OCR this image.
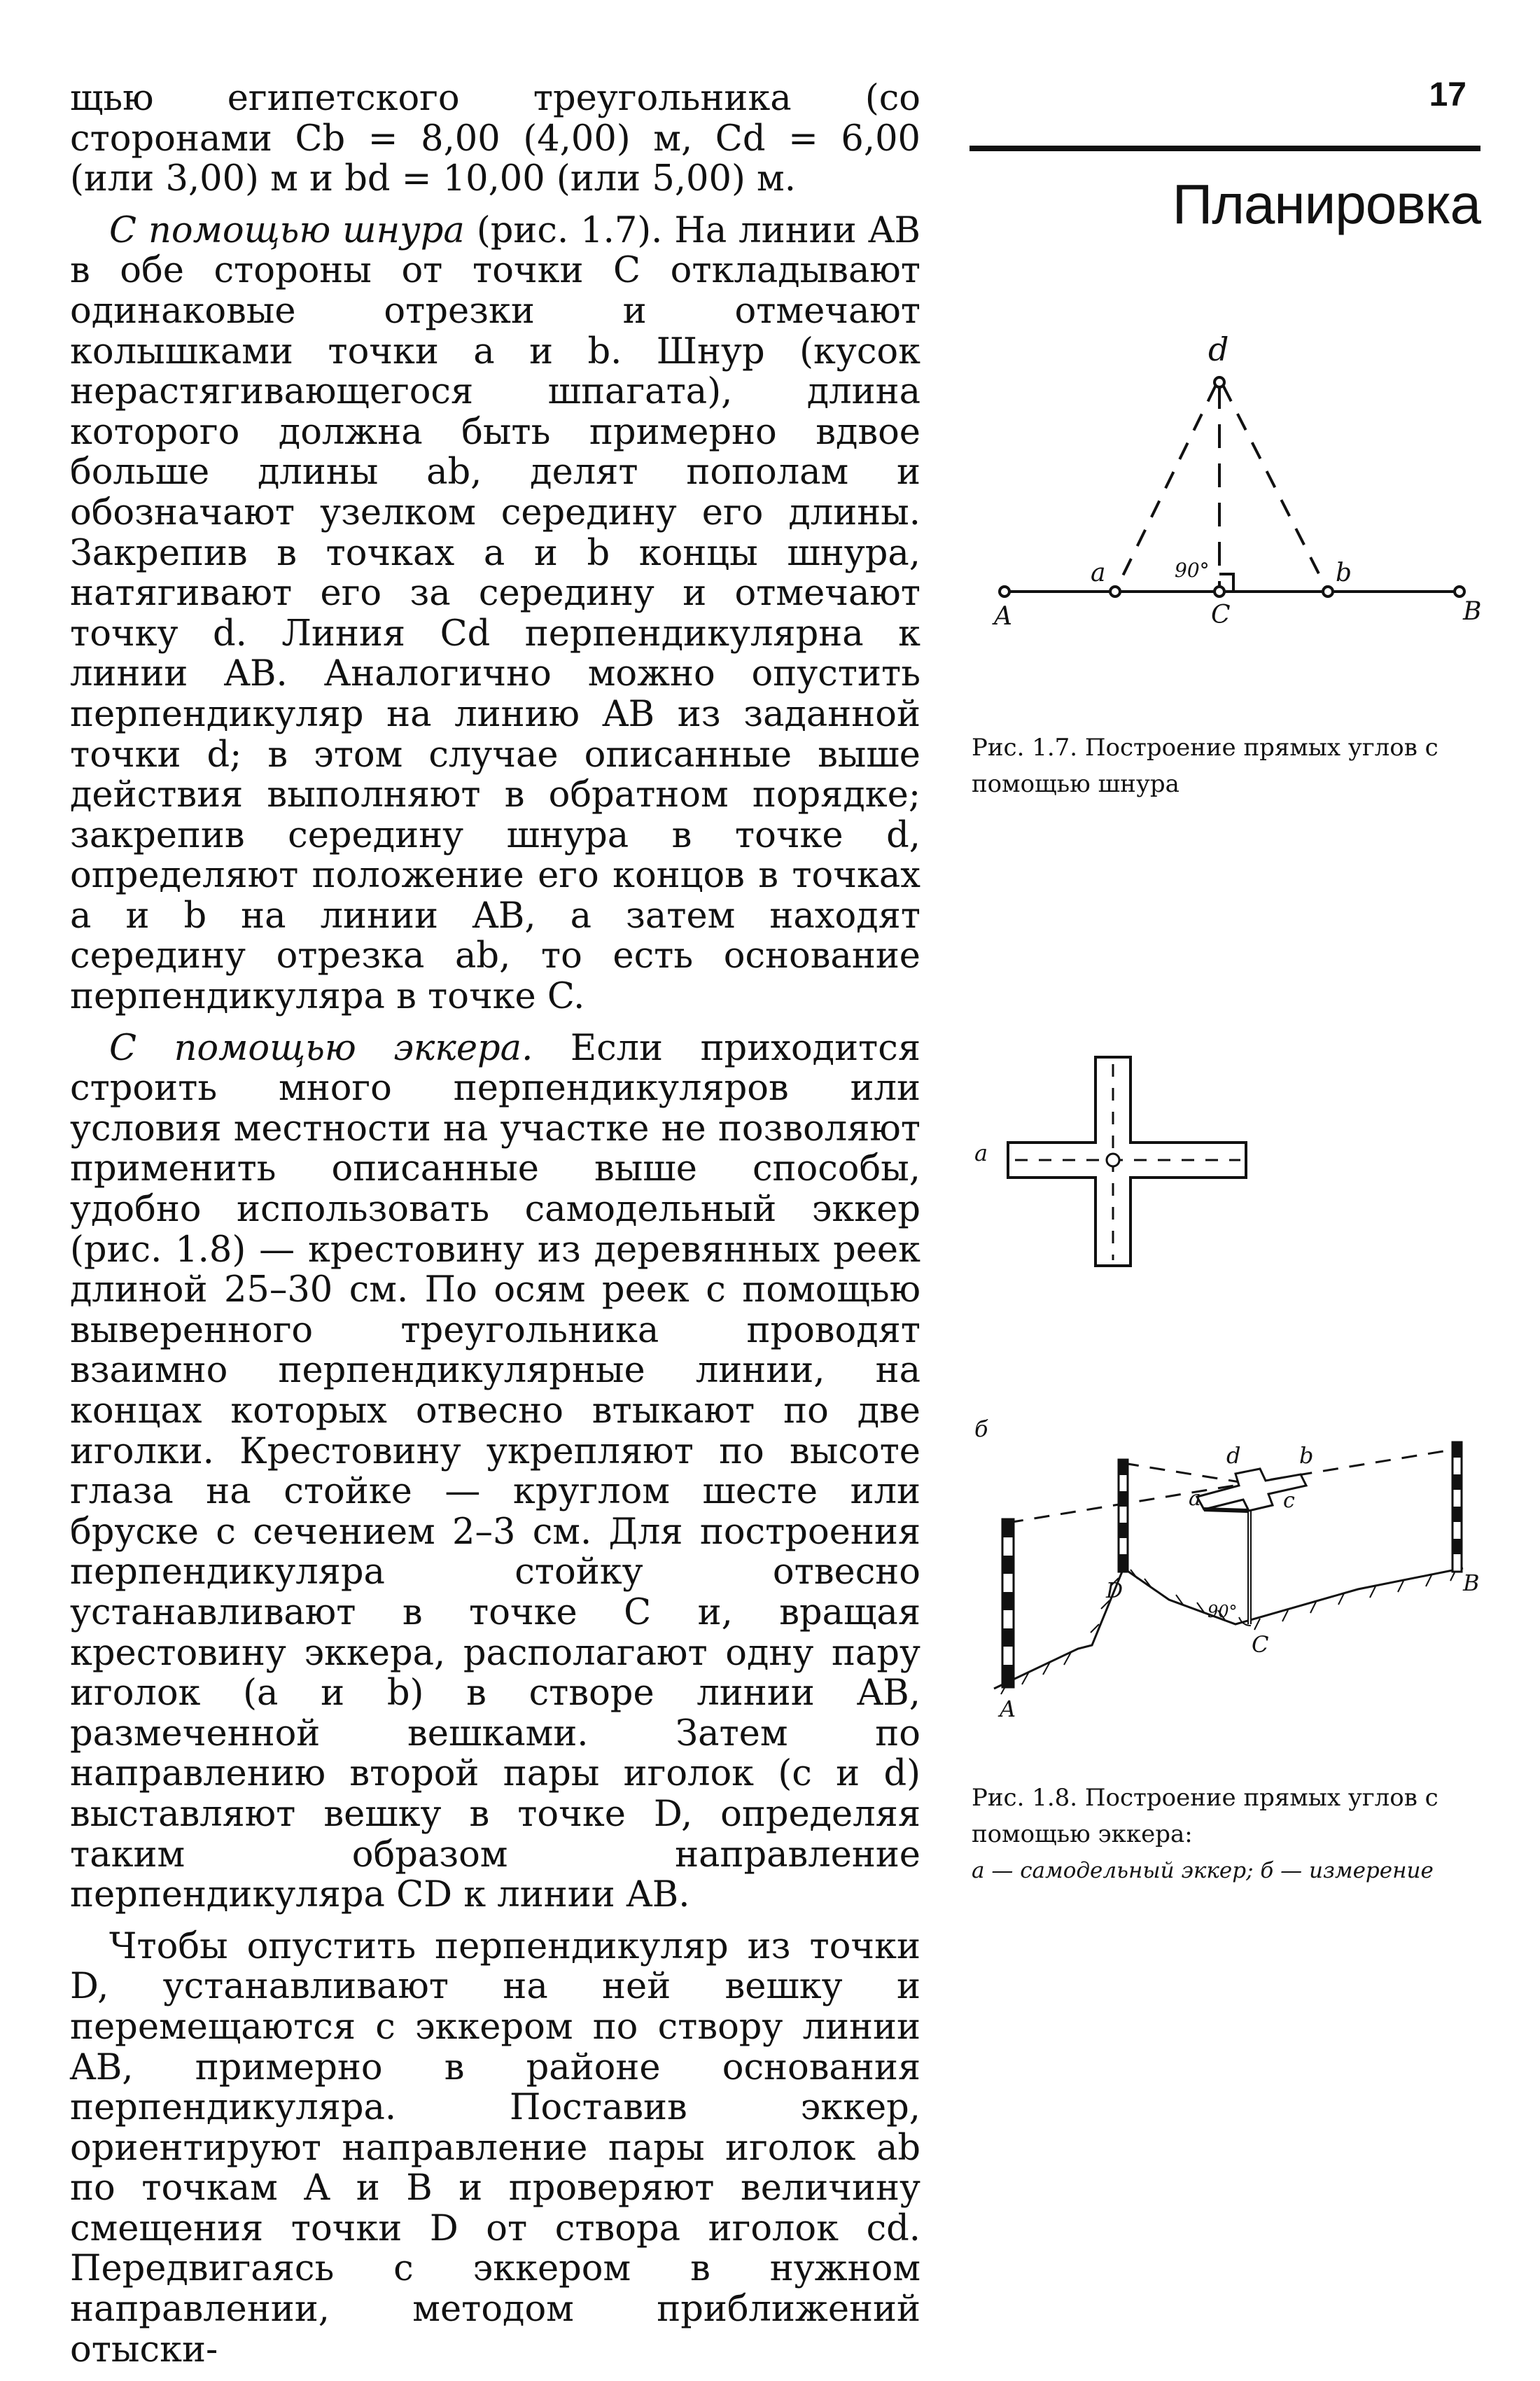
щью египетского треугольника (со сторонами Cb = 8,00 (4,00) м, Cd = 6,00 (или 3,00) м и bd = 10,00 (или 5,00) м.

С помощью шнура (рис. 1.7). На линии AB в обе стороны от точки C откладывают одинаковые отрезки и отмечают колышками точки a и b. Шнур (кусок нерастягивающегося шпагата), длина которого должна быть примерно вдвое больше длины ab, делят пополам и обозначают узелком середину его длины. Закрепив в точках a и b концы шнура, натягивают его за середину и отмечают точку d. Линия Cd перпендикулярна к линии AB. Аналогично можно опустить перпендикуляр на линию AB из заданной точки d; в этом случае описанные выше действия выполняют в обратном порядке; закрепив середину шнура в точке d, определяют положение его концов в точках a и b на линии AB, а затем находят середину отрезка ab, то есть основание перпендикуляра в точке C.

С помощью эккера. Если приходится строить много перпендикуляров или условия местности на участке не позволяют применить описанные выше способы, удобно использовать самодельный эккер (рис. 1.8) — крестовину из деревянных реек длиной 25–30 см. По осям реек с помощью выверенного треугольника проводят взаимно перпендикулярные линии, на концах которых отвесно втыкают по две иголки. Крестовину укрепляют по высоте глаза на стойке — круглом шесте или бруске с сечением 2–3 см. Для построения перпендикуляра стойку отвесно устанавливают в точке C и, вращая крестовину эккера, располагают одну пару иголок (a и b) в створе линии AB, размеченной вешками. Затем по направлению второй пары иголок (c и d) выставляют вешку в точке D, определяя таким образом направление перпендикуляра CD к линии AB.

Чтобы опустить перпендикуляр из точки D, устанавливают на ней вешку и перемещаются с эккером по створу линии AB, примерно в районе основания перпендикуляра. Поставив эккер, ориентируют направление пары иголок ab по точкам A и B и проверяют величину смещения точки D от створа иголок cd. Передвигаясь с эккером в нужном направлении, методом приближений отыски-

17
Планировка
d
a	b
90°
C
A	B
Рис. 1.7. Построение прямых углов с помощью шнура
а
б
d	b
a	c
D
90°
C
A
B
Рис. 1.8. Построение прямых углов с помощью эккера:
а — самодельный эккер; б — измерение
